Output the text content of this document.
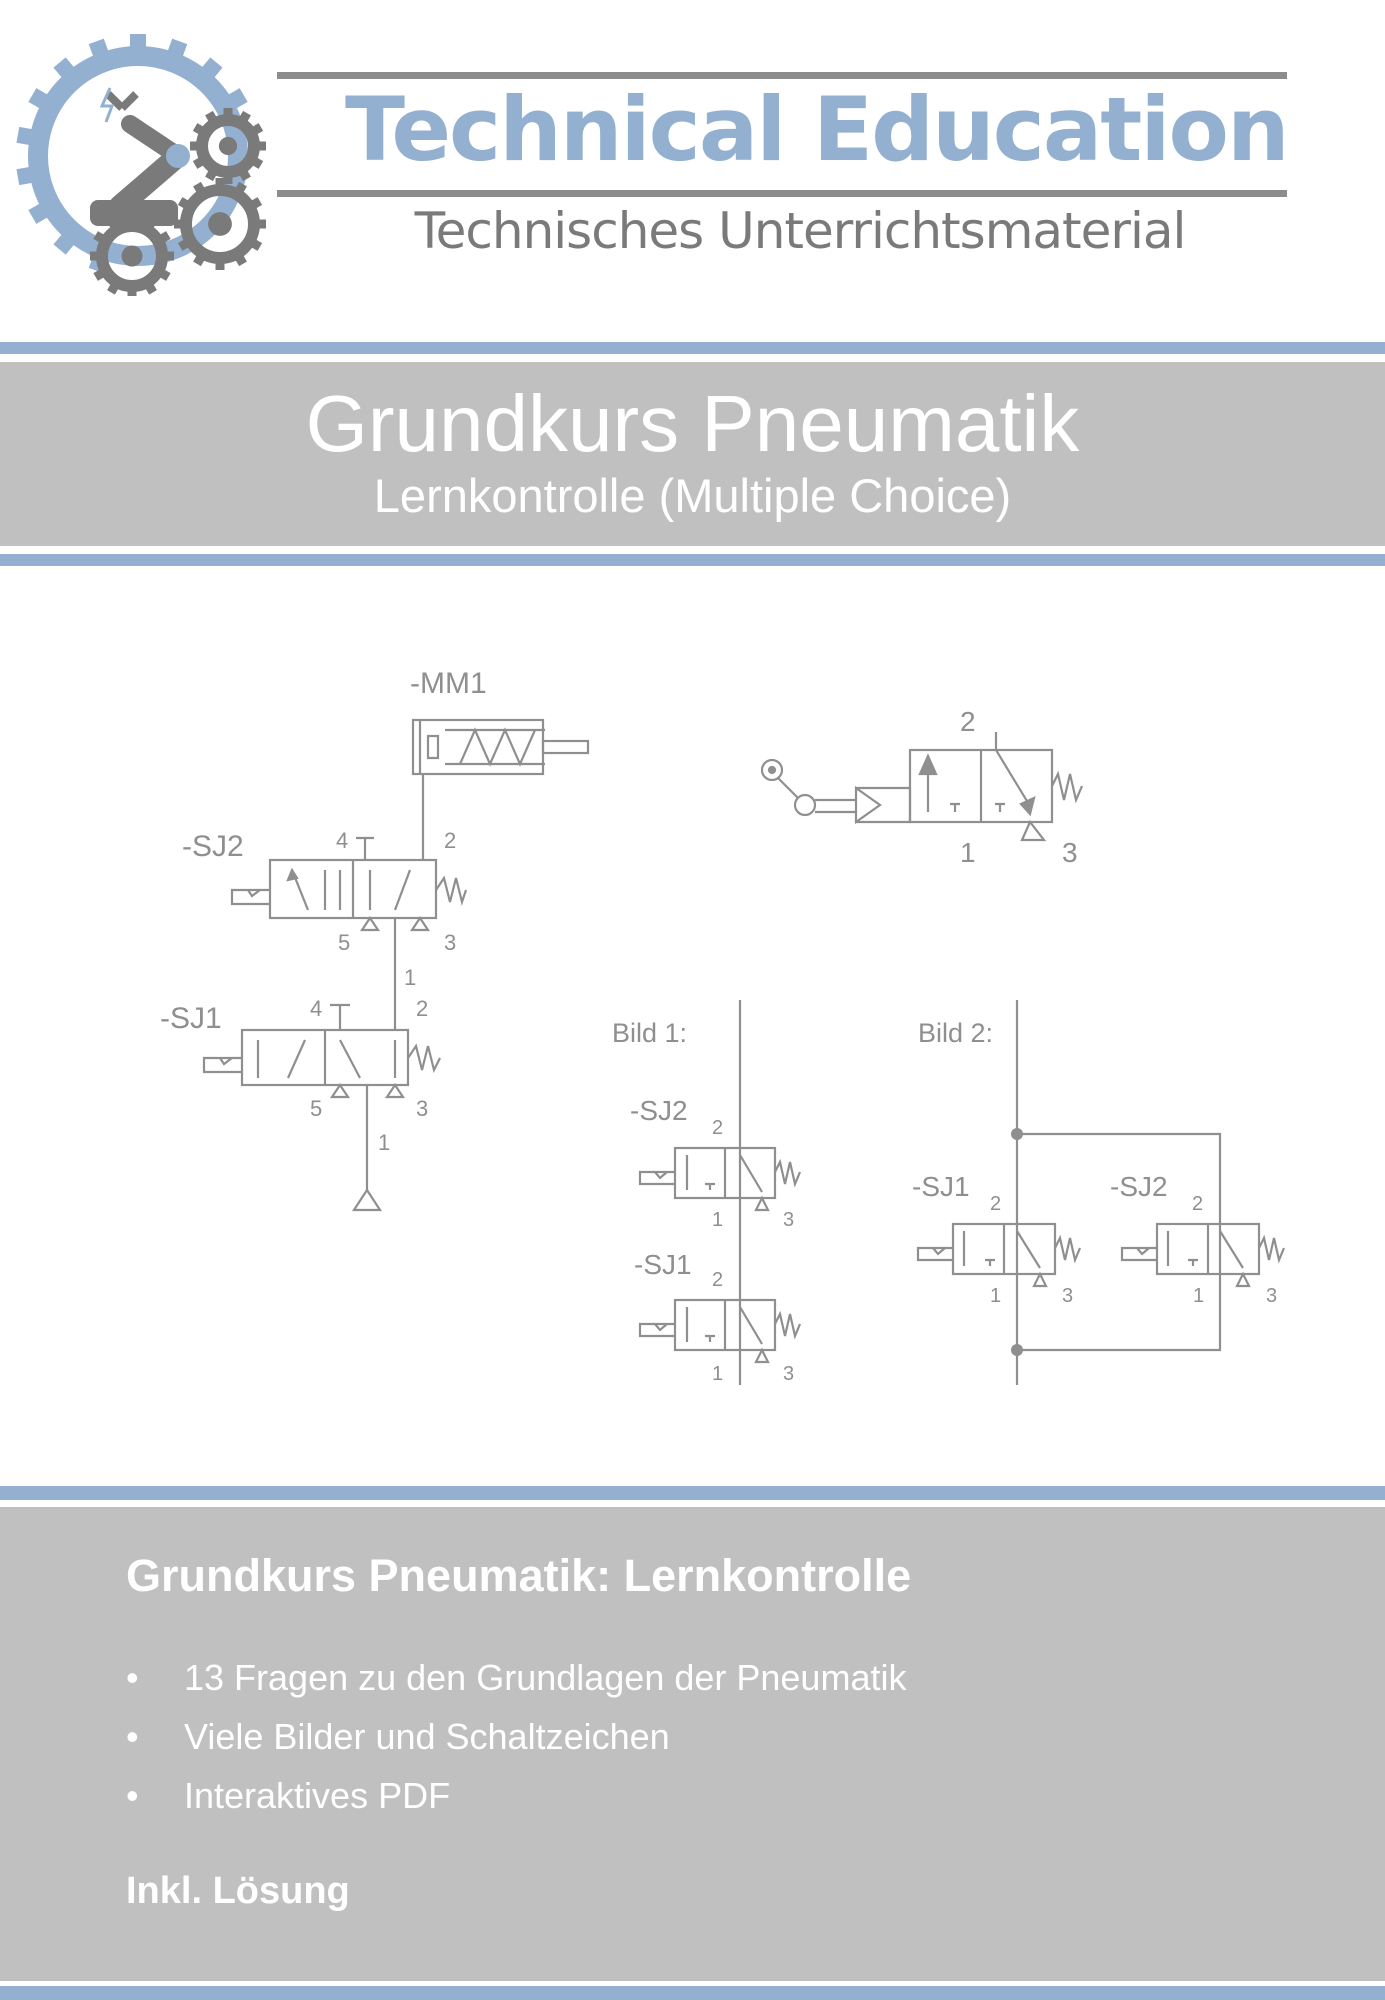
Technical Education
Technisches Unterrichtsmaterial
Grundkurs Pneumatik
Lernkontrolle (Multiple Choice)
-MM1
-SJ2	4	2
5	3
1
-SJ1	4	2
5	3
1
2
1	3
Bild 1:
-SJ2
2
1	3
-SJ1 2
1	3
Bild 2:
-SJ1
2
1	3
-SJ2
2
1	3
Grundkurs Pneumatik: Lernkontrolle
• 13 Fragen zu den Grundlagen der Pneumatik
• Viele Bilder und Schaltzeichen
• Interaktives PDF
Inkl. Lösung
